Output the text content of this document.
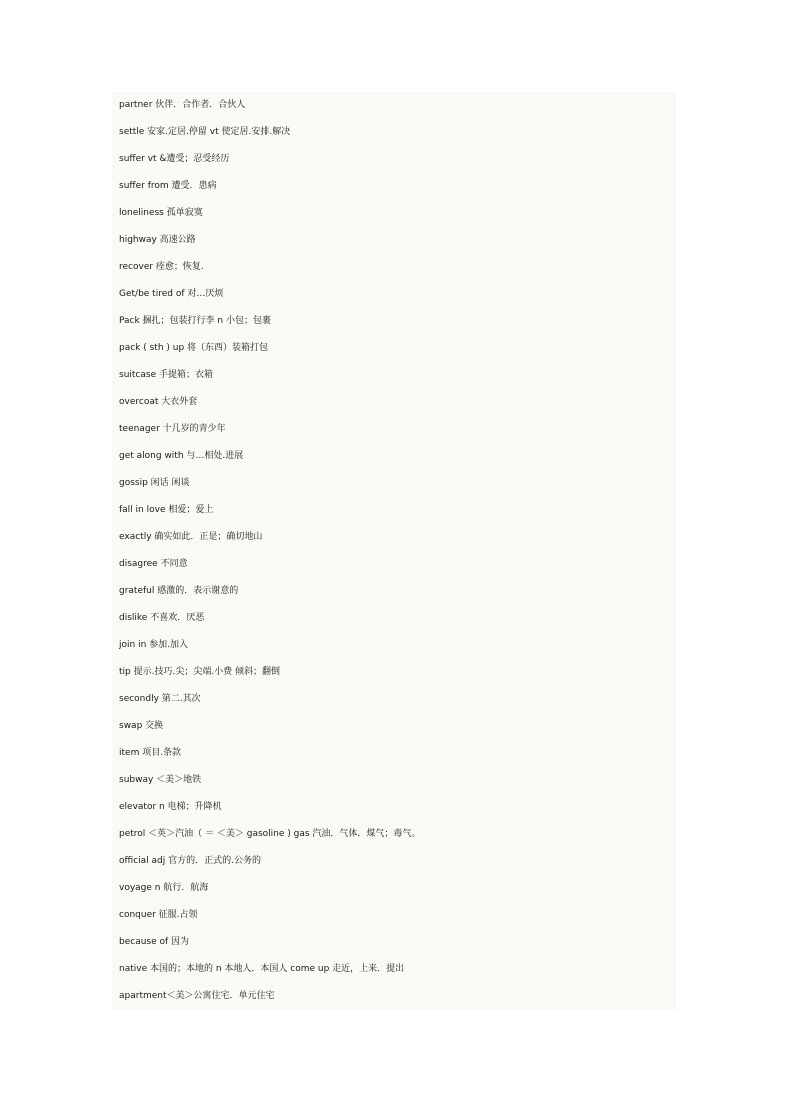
partner 伙伴．合作者．合伙人
settle 安家.定居.停留 vt 使定居.安排.解决
suffer vt &遭受；忍受经历
suffer from 遭受．患病
loneliness 孤单寂寞
highway 高速公路
recover 痊愈；恢复.
Get/be tired of 对…厌烦
Pack 捆扎；包装打行李 n 小包；包裹
pack ( sth ) up 将（东西）装箱打包
suitcase 手提箱；衣箱
overcoat 大衣外套
teenager 十几岁的青少年
get along with 与…相处.进展
gossip 闲话 闲谈
fall in love 相爱；爱上
exactly 确实如此．正是；确切地山
disagree 不同意
grateful 感激的．表示谢意的
dislike 不喜欢．厌恶
join in 参加.加入
tip 提示.技巧.尖；尖端.小费 倾斜；翻倒
secondly 第二.其次
swap 交换
item 项目.条款
subway ＜美＞地铁
elevator n 电梯；升降机
petrol ＜英＞汽油（ ＝ ＜美＞ gasoline ) gas 汽油．气体．煤气；毒气。
official adj 官方的．正式的.公务的
voyage n 航行．航海
conquer 征服.占领
because of 因为
native 本国的；本地的 n 本地人．本国人 come up 走近，上来．提出
apartment＜美＞公寓住宅．单元住宅
